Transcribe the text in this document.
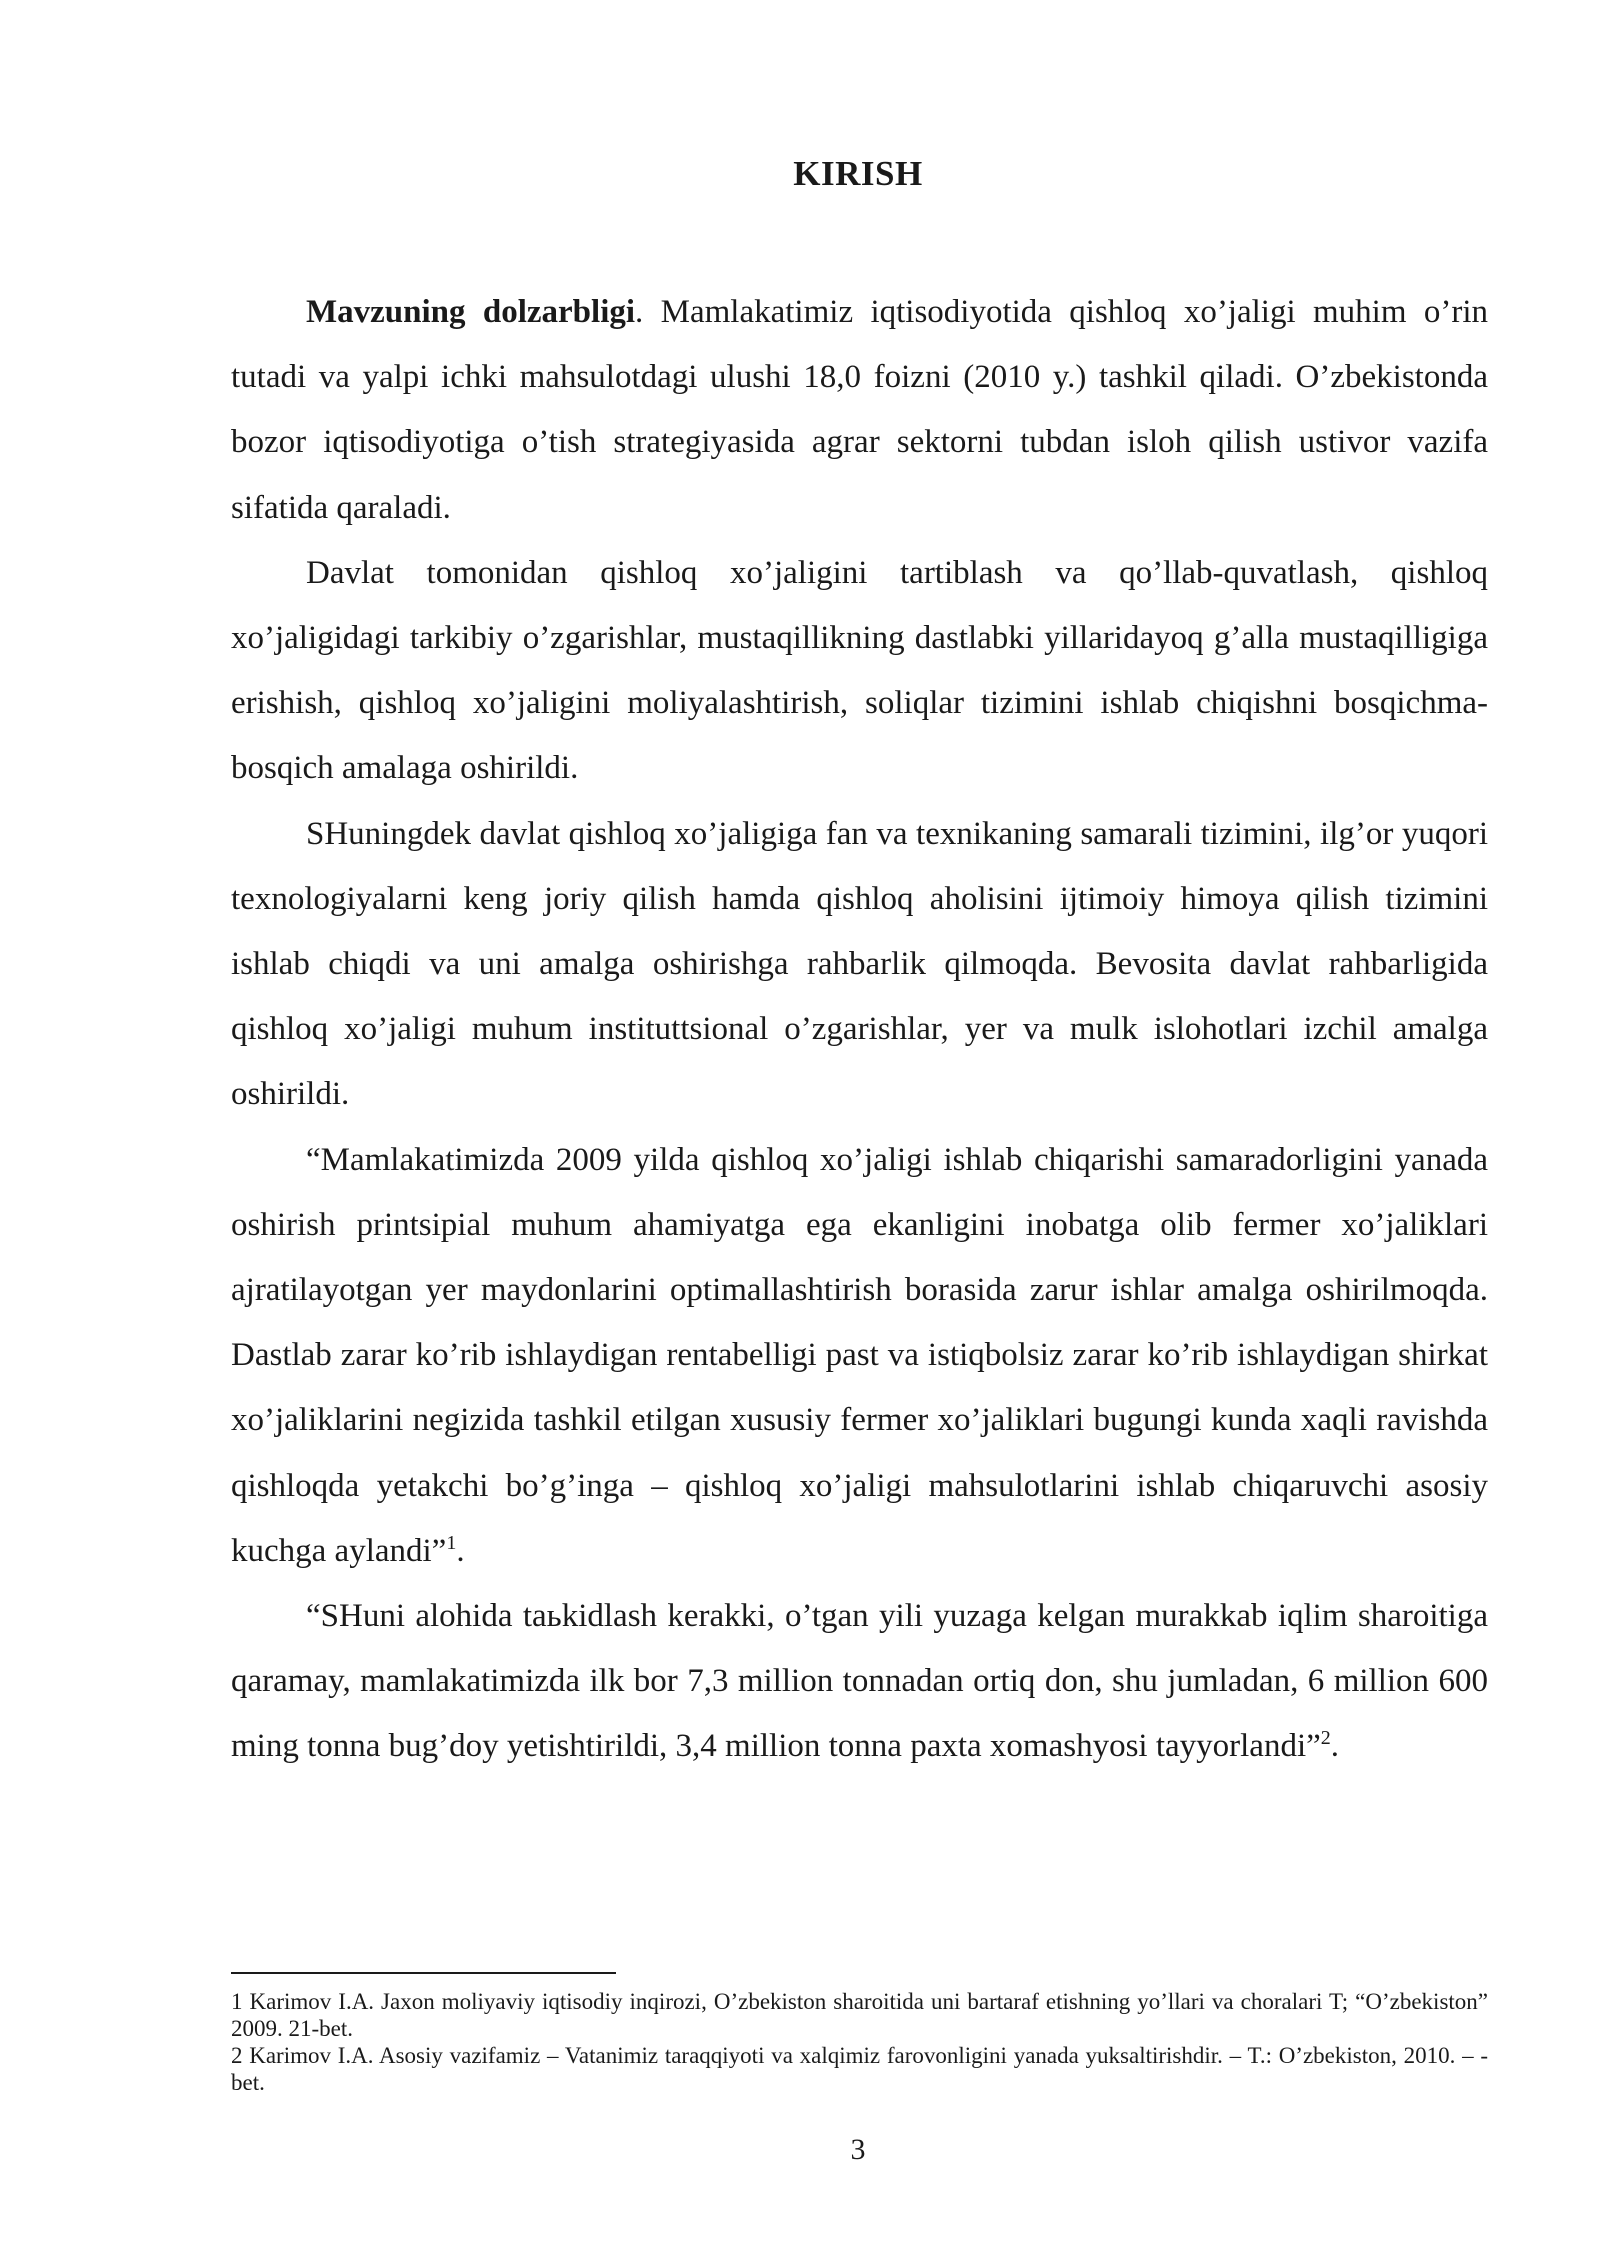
KIRISH

Mavzuning dolzarbligi. Mamlakatimiz iqtisodiyotida qishloq xo’jaligi muhim o’rin tutadi va yalpi ichki mahsulotdagi ulushi 18,0 foizni (2010 y.) tashkil qiladi. O’zbekistonda bozor iqtisodiyotiga o’tish strategiyasida agrar sektorni tubdan isloh qilish ustivor vazifa sifatida qaraladi.

Davlat tomonidan qishloq xo’jaligini tartiblash va qo’llab-quvatlash, qishloq xo’jaligidagi tarkibiy o’zgarishlar, mustaqillikning dastlabki yillaridayoq g’alla mustaqilligiga erishish, qishloq xo’jaligini moliyalashtirish, soliqlar tizimini ishlab chiqishni bosqichma-bosqich amalaga oshirildi.

SHuningdek davlat qishloq xo’jaligiga fan va texnikaning samarali tizimini, ilg’or yuqori texnologiyalarni keng joriy qilish hamda qishloq aholisini ijtimoiy himoya qilish tizimini ishlab chiqdi va uni amalga oshirishga rahbarlik qilmoqda. Bevosita davlat rahbarligida qishloq xo’jaligi muhum instituttsional o’zgarishlar, yer va mulk islohotlari izchil amalga oshirildi.

“Mamlakatimizda 2009 yilda qishloq xo’jaligi ishlab chiqarishi samaradorligini yanada oshirish printsipial muhum ahamiyatga ega ekanligini inobatga olib fermer xo’jaliklari ajratilayotgan yer maydonlarini optimallashtirish borasida zarur ishlar amalga oshirilmoqda. Dastlab zarar ko’rib ishlaydigan rentabelligi past va istiqbolsiz zarar ko’rib ishlaydigan shirkat xo’jaliklarini negizida tashkil etilgan xususiy fermer xo’jaliklari bugungi kunda xaqli ravishda qishloqda yetakchi bo’g’inga – qishloq xo’jaligi mahsulotlarini ishlab chiqaruvchi asosiy kuchga aylandi”$^1$.

“SHuni alohida taьkidlash kerakki, o’tgan yili yuzaga kelgan murakkab iqlim sharoitiga qaramay, mamlakatimizda ilk bor 7,3 million tonnadan ortiq don, shu jumladan, 6 million 600 ming tonna bug’doy yetishtirildi, 3,4 million tonna paxta xomashyosi tayyorlandi”$^2$.

1 Karimov I.A. Jaxon moliyaviy iqtisodiy inqirozi, O’zbekiston sharoitida uni bartaraf etishning yo’llari va choralari T; “O’zbekiston” 2009. 21-bet.

2 Karimov I.A. Asosiy vazifamiz – Vatanimiz taraqqiyoti va xalqimiz farovonligini yanada yuksaltirishdir. – T.: O’zbekiston, 2010. – -bet.

3
